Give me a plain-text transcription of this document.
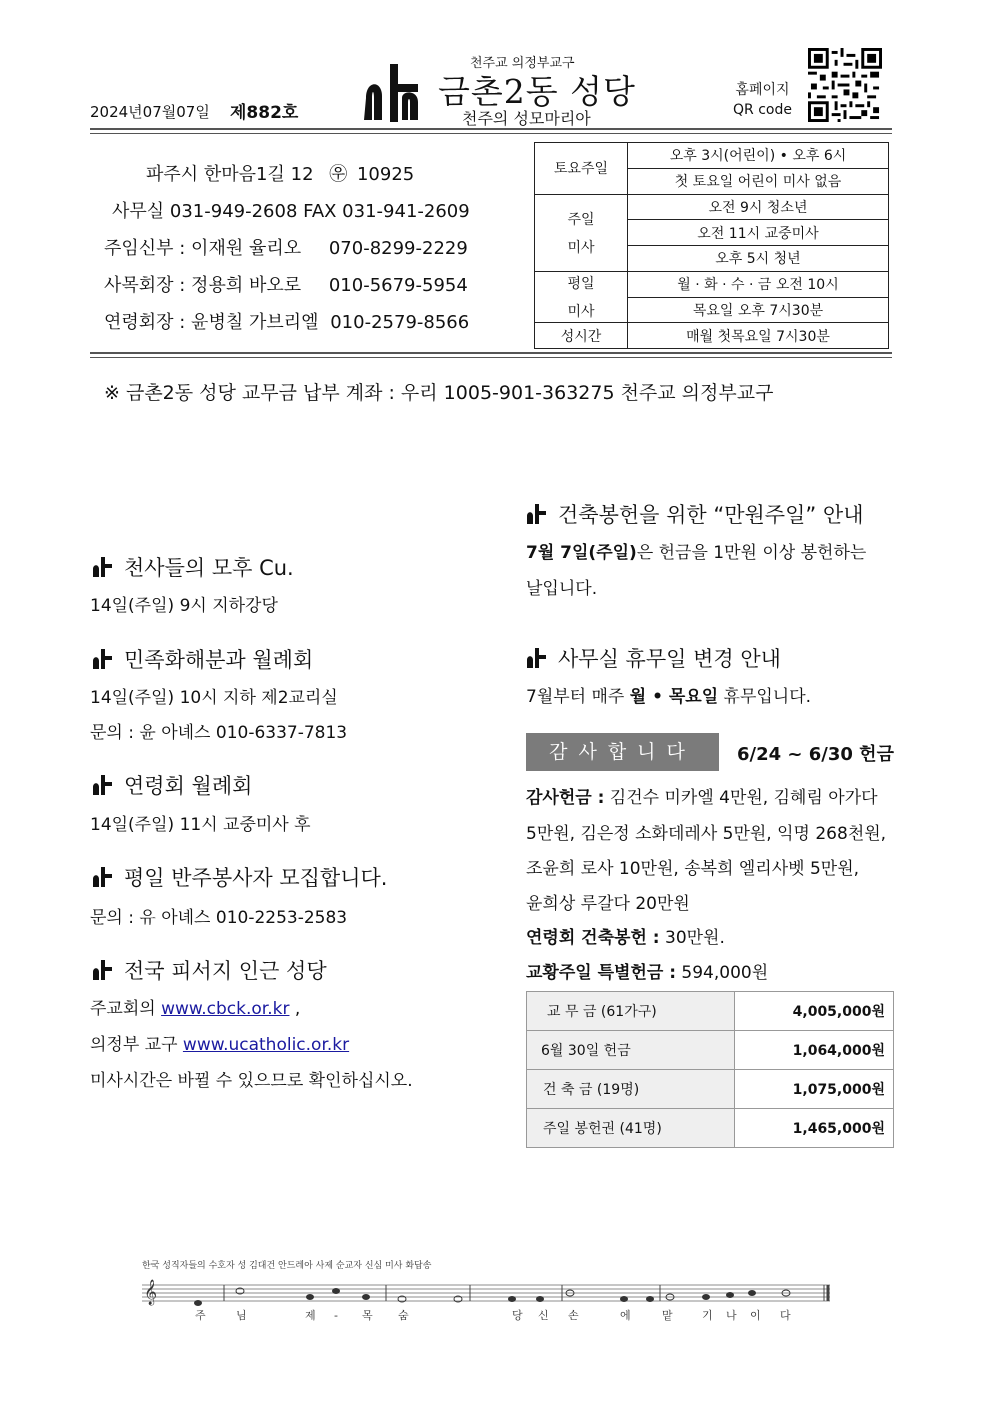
천주교 의정부교구
금촌2동 성당
천주의 성모마리아
2024년07월07일 제882호
홈페이지
QR code
파주시 한마음1길 12 ㉾ 10925
사무실 031-949-2608 FAX 031-941-2609
주임신부 : 이재원 율리오 070-8299-2229
사목회장 : 정용희 바오로 010-5679-5954
연령회장 : 윤병칠 가브리엘 010-2579-8566
토요주일	오후 3시(어린이) • 오후 6시
	첫 토요일 어린이 미사 없음

주일
미사	오전 9시 청소년
	오전 11시 교중미사
	오후 5시 청년

평일
미사	월 · 화 · 수 · 금 오전 10시
	목요일 오후 7시30분
성시간	매월 첫목요일 7시30분
※ 금촌2동 성당 교무금 납부 계좌 : 우리 1005-901-363275 천주교 의정부교구
천사들의 모후 Cu.
14일(주일) 9시 지하강당
민족화해분과 월례회
14일(주일) 10시 지하 제2교리실
문의 : 윤 아녜스 010-6337-7813
연령회 월례회
14일(주일) 11시 교중미사 후
평일 반주봉사자 모집합니다.
문의 : 유 아녜스 010-2253-2583
전국 피서지 인근 성당
주교회의 www.cbck.or.kr ,
의정부 교구 www.ucatholic.or.kr
미사시간은 바뀔 수 있으므로 확인하십시오.
건축봉헌을 위한 “만원주일” 안내
7월 7일(주일)은 헌금을 1만원 이상 봉헌하는
날입니다.
사무실 휴무일 변경 안내
7월부터 매주 월 • 목요일 휴무입니다.
감사합니다	6/24 ~ 6/30 헌금
감사헌금 : 김건수 미카엘 4만원, 김혜림 아가다
5만원, 김은정 소화데레사 5만원, 익명 268천원,
조윤희 로사 10만원, 송복희 엘리사벳 5만원,
윤희상 루갈다 20만원
연령회 건축봉헌 : 30만원.
교황주일 특별헌금 : 594,000원
교 무 금 (61가구)	4,005,000원
6월 30일 헌금	1,064,000원
건 축 금 (19명)	1,075,000원
주일 봉헌권 (41명)	1,465,000원
한국 성직자들의 수호자 성 김대건 안드레아 사제 순교자 신심 미사 화답송
𝄞
주	님	제 - 목 숨	당 신 손	에	맡	기 나 이 다
